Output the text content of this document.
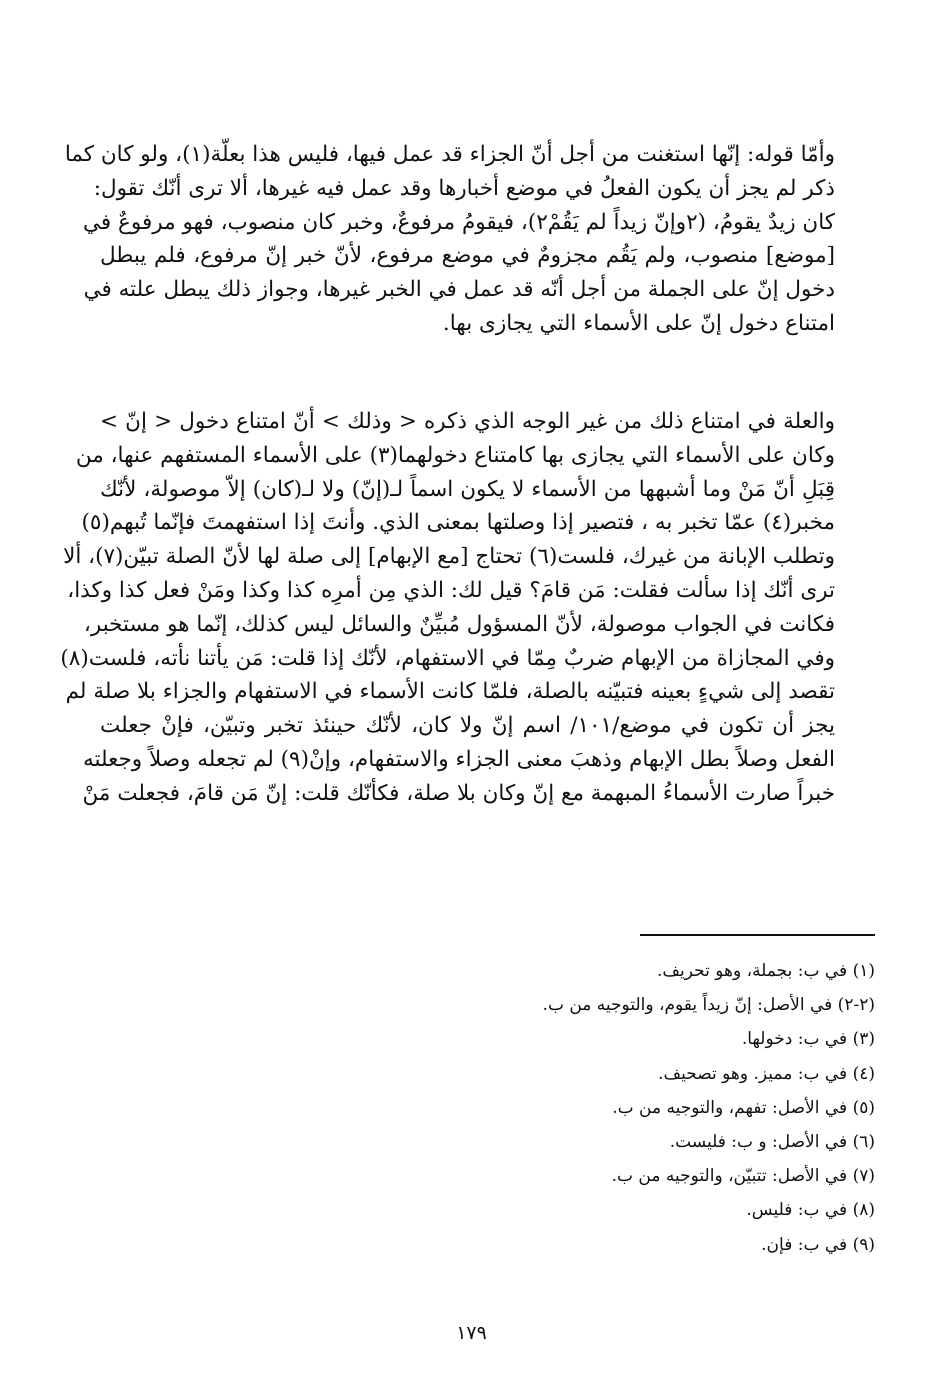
وأمّا قوله: إنّها استغنت من أجل أنّ الجزاء قد عمل فيها، فليس هذا بعلّة(١)، ولو كان كما
ذكر لم يجز أن يكون الفعلُ في موضع أخبارها وقد عمل فيه غيرها، ألا ترى أنّك تقول:
كان زيدٌ يقومُ، (٢وإنّ زيداً لم يَقُمْ٢)، فيقومُ مرفوعٌ، وخبر كان منصوب، فهو مرفوعٌ في
[موضع] منصوب، ولم يَقُم مجزومٌ في موضع مرفوع، لأنّ خبر إنّ مرفوع، فلم يبطل
دخول إنّ على الجملة من أجل أنّه قد عمل في الخبر غيرها، وجواز ذلك يبطل علته في
امتناع دخول إنّ على الأسماء التي يجازى بها.
والعلة في امتناع ذلك من غير الوجه الذي ذكره < وذلك > أنّ امتناع دخول < إنّ >
وكان على الأسماء التي يجازى بها كامتناع دخولهما(٣) على الأسماء المستفهم عنها، من
قِبَلِ أنّ مَنْ وما أشبهها من الأسماء لا يكون اسماً لـ(إنّ) ولا لـ(كان) إلاّ موصولة، لأنّك
مخبر(٤) عمّا تخبر به ، فتصير إذا وصلتها بمعنى الذي. وأنتَ إذا استفهمتَ فإنّما تُبهم(٥)
وتطلب الإبانة من غيرك، فلست(٦) تحتاج [مع الإبهام] إلى صلة لها لأنّ الصلة تبيّن(٧)، ألا
ترى أنّك إذا سألت فقلت: مَن قامَ؟ قيل لك: الذي مِن أمرِه كذا وكذا ومَنْ فعل كذا وكذا،
فكانت في الجواب موصولة، لأنّ المسؤول مُبيِّنٌ والسائل ليس كذلك، إنّما هو مستخبر،
وفي المجازاة من الإبهام ضربٌ مِمّا في الاستفهام، لأنّك إذا قلت: مَن يأتنا نأته، فلست(٨)
تقصد إلى شيءٍ بعينه فتبيّنه بالصلة، فلمّا كانت الأسماء في الاستفهام والجزاء بلا صلة لم
يجز أن تكون في موضع/١٠١/ اسم إنّ ولا كان، لأنّك حينئذ تخبر وتبيّن، فإنْ جعلت
الفعل وصلاً بطل الإبهام وذهبَ معنى الجزاء والاستفهام، وإنْ(٩) لم تجعله وصلاً وجعلته
خبراً صارت الأسماءُ المبهمة مع إنّ وكان بلا صلة، فكأنّك قلت: إنّ مَن قامَ، فجعلت مَنْ
(١) في ب: بجملة، وهو تحريف.
(٢-٢) في الأصل: إنّ زيداً يقوم، والتوجيه من ب.
(٣) في ب: دخولها.
(٤) في ب: مميز. وهو تصحيف.
(٥) في الأصل: تفهم، والتوجيه من ب.
(٦) في الأصل: و ب: فليست.
(٧) في الأصل: تتبيّن، والتوجيه من ب.
(٨) في ب: فليس.
(٩) في ب: فإن.
١٧٩
